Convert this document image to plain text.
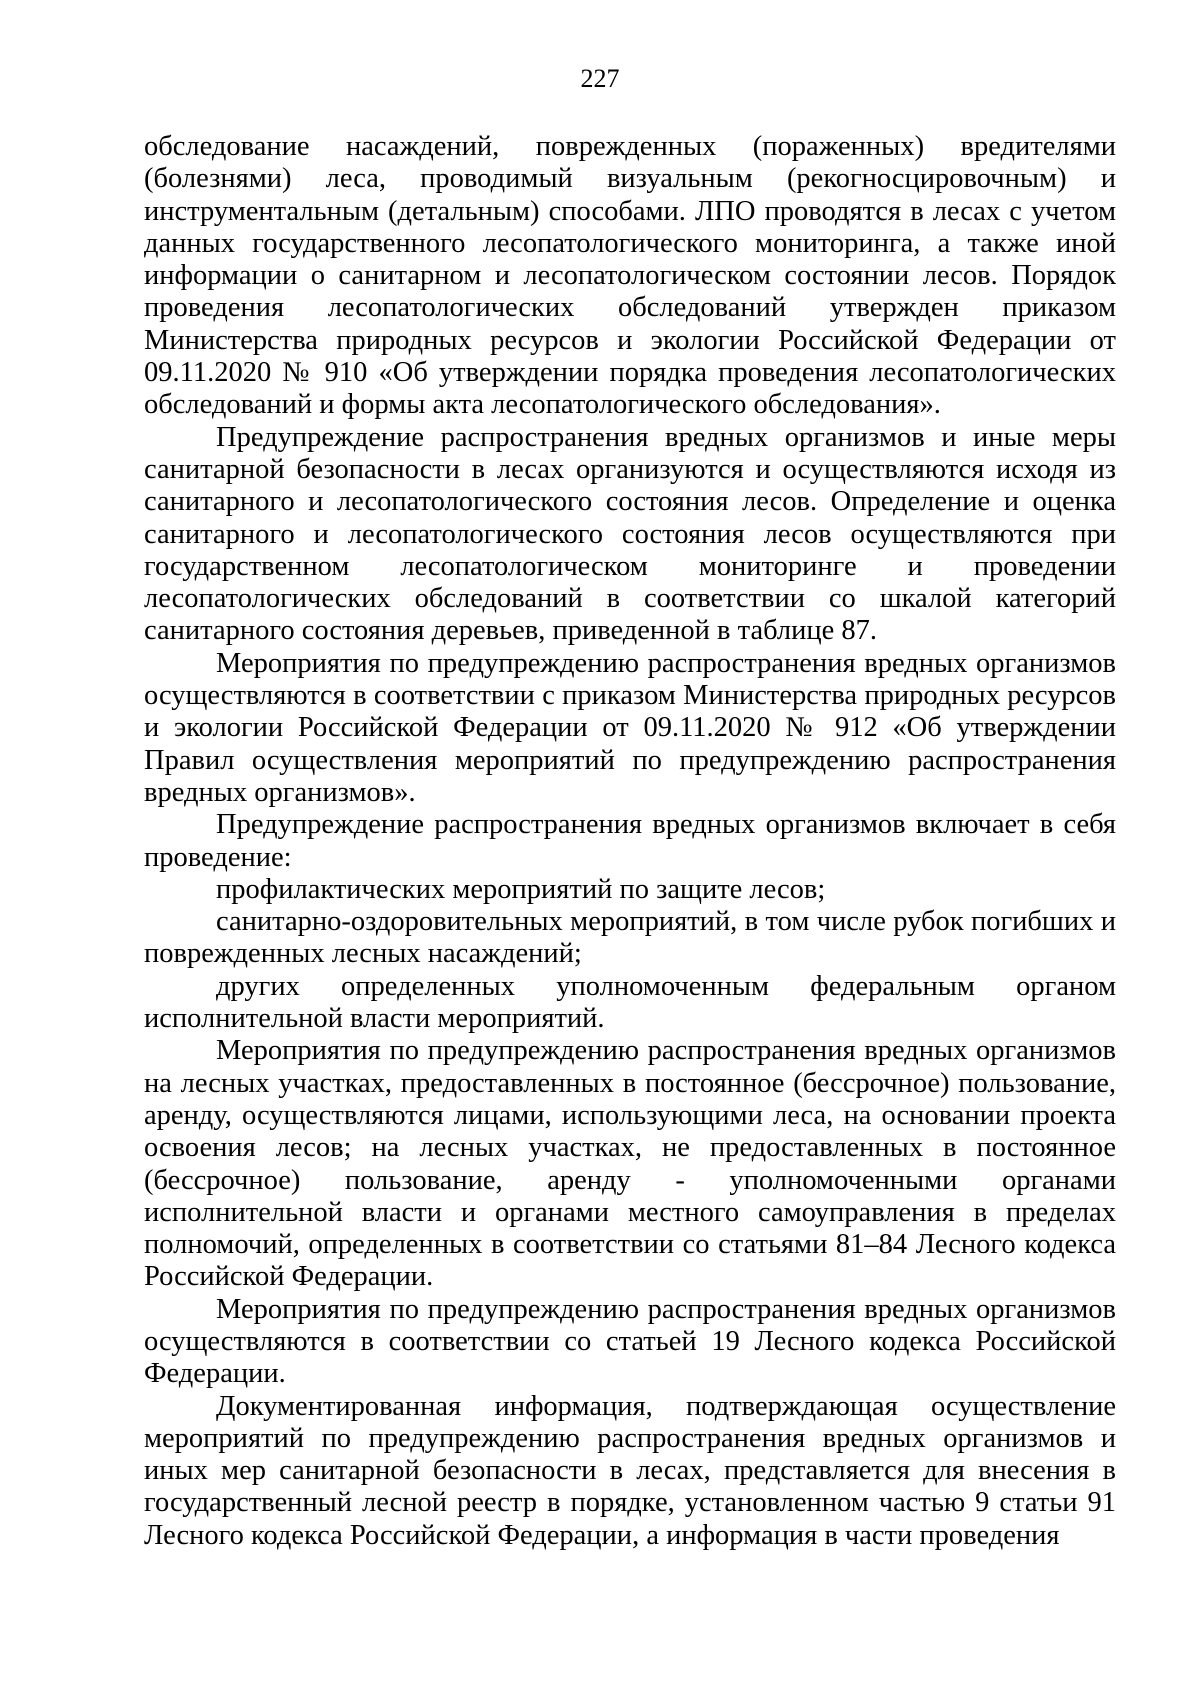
227

обследование насаждений, поврежденных (пораженных) вредителями (болезнями) леса, проводимый визуальным (рекогносцировочным) и инструментальным (детальным) способами. ЛПО проводятся в лесах с учетом данных государственного лесопатологического мониторинга, а также иной информации о санитарном и лесопатологическом состоянии лесов. Порядок проведения лесопатологических обследований утвержден приказом Министерства природных ресурсов и экологии Российской Федерации от 09.11.2020 № 910 «Об утверждении порядка проведения лесопатологических обследований и формы акта лесопатологического обследования».

Предупреждение распространения вредных организмов и иные меры санитарной безопасности в лесах организуются и осуществляются исходя из санитарного и лесопатологического состояния лесов. Определение и оценка санитарного и лесопатологического состояния лесов осуществляются при государственном лесопатологическом мониторинге и проведении лесопатологических обследований в соответствии со шкалой категорий санитарного состояния деревьев, приведенной в таблице 87.

Мероприятия по предупреждению распространения вредных организмов осуществляются в соответствии с приказом Министерства природных ресурсов и экологии Российской Федерации от 09.11.2020 № 912 «Об утверждении Правил осуществления мероприятий по предупреждению распространения вредных организмов».

Предупреждение распространения вредных организмов включает в себя проведение:

профилактических мероприятий по защите лесов;

санитарно-оздоровительных мероприятий, в том числе рубок погибших и поврежденных лесных насаждений;

других определенных уполномоченным федеральным органом исполнительной власти мероприятий.

Мероприятия по предупреждению распространения вредных организмов на лесных участках, предоставленных в постоянное (бессрочное) пользование, аренду, осуществляются лицами, использующими леса, на основании проекта освоения лесов; на лесных участках, не предоставленных в постоянное (бессрочное) пользование, аренду - уполномоченными органами исполнительной власти и органами местного самоуправления в пределах полномочий, определенных в соответствии со статьями 81–84 Лесного кодекса Российской Федерации.

Мероприятия по предупреждению распространения вредных организмов осуществляются в соответствии со статьей 19 Лесного кодекса Российской Федерации.

Документированная информация, подтверждающая осуществление мероприятий по предупреждению распространения вредных организмов и иных мер санитарной безопасности в лесах, представляется для внесения в государственный лесной реестр в порядке, установленном частью 9 статьи 91 Лесного кодекса Российской Федерации, а информация в части проведения
